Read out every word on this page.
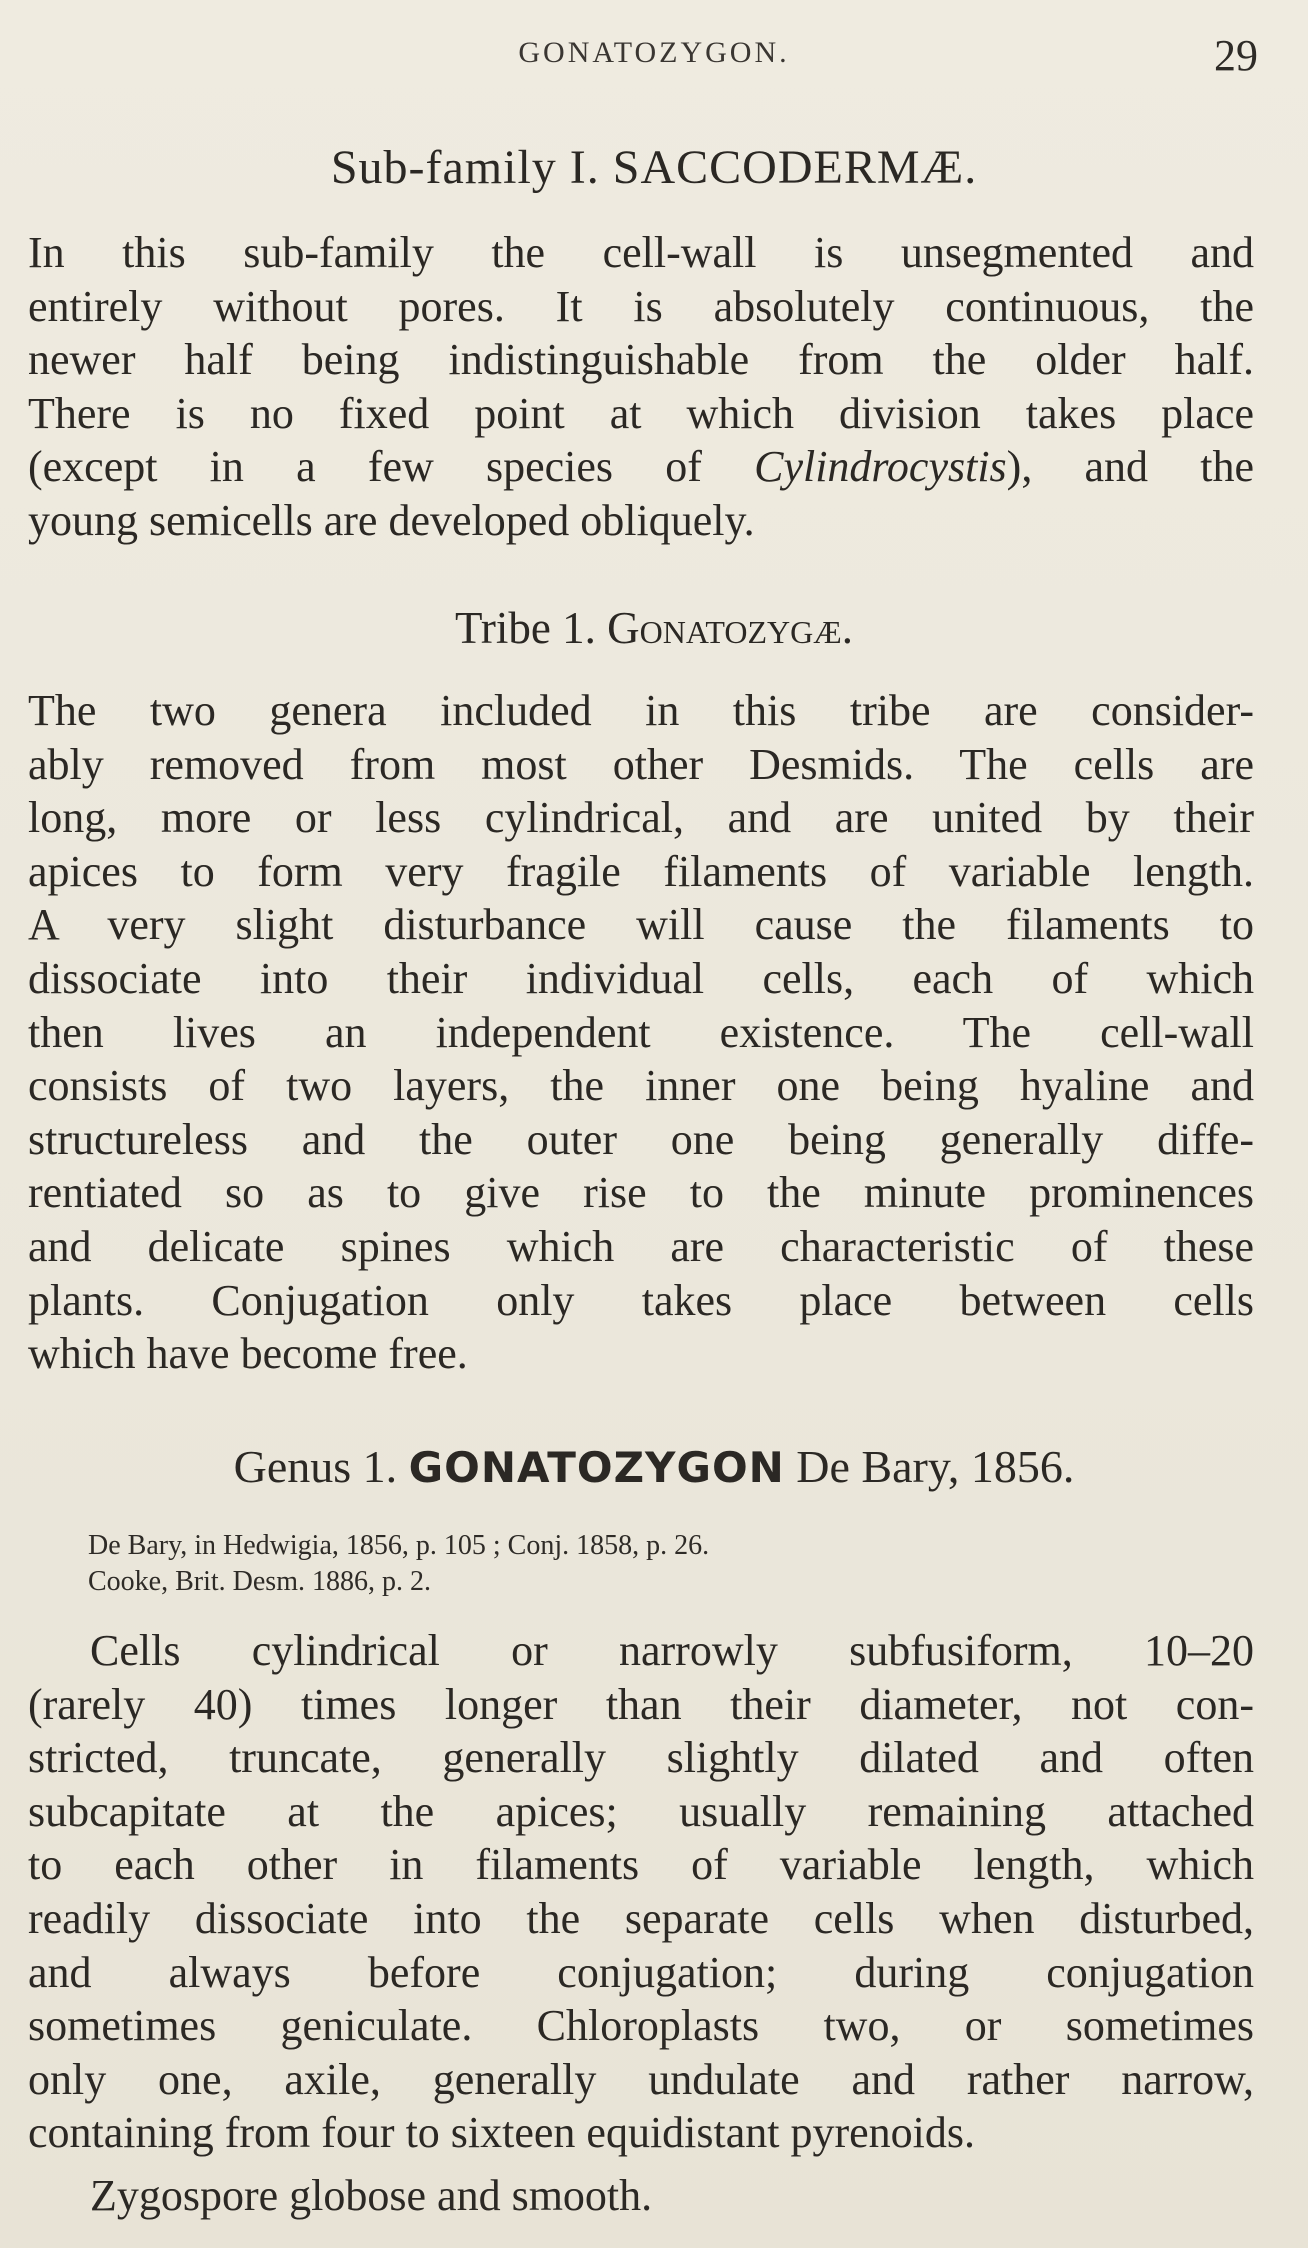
GONATOZYGON.	29
Sub-family I. SACCODERMÆ.
In this sub-family the cell-wall is unsegmented and
entirely without pores. It is absolutely continuous, the
newer half being indistinguishable from the older half.
There is no fixed point at which division takes place
(except in a few species of Cylindrocystis), and the
young semicells are developed obliquely.
Tribe 1. Gonatozygæ.
The two genera included in this tribe are consider-
ably removed from most other Desmids. The cells are
long, more or less cylindrical, and are united by their
apices to form very fragile filaments of variable length.
A very slight disturbance will cause the filaments to
dissociate into their individual cells, each of which
then lives an independent existence. The cell-wall
consists of two layers, the inner one being hyaline and
structureless and the outer one being generally diffe-
rentiated so as to give rise to the minute prominences
and delicate spines which are characteristic of these
plants. Conjugation only takes place between cells
which have become free.
Genus 1. GONATOZYGON De Bary, 1856.
De Bary, in Hedwigia, 1856, p. 105 ; Conj. 1858, p. 26.
Cooke, Brit. Desm. 1886, p. 2.
Cells cylindrical or narrowly subfusiform, 10–20
(rarely 40) times longer than their diameter, not con-
stricted, truncate, generally slightly dilated and often
subcapitate at the apices; usually remaining attached
to each other in filaments of variable length, which
readily dissociate into the separate cells when disturbed,
and always before conjugation; during conjugation
sometimes geniculate. Chloroplasts two, or sometimes
only one, axile, generally undulate and rather narrow,
containing from four to sixteen equidistant pyrenoids.
Zygospore globose and smooth.
